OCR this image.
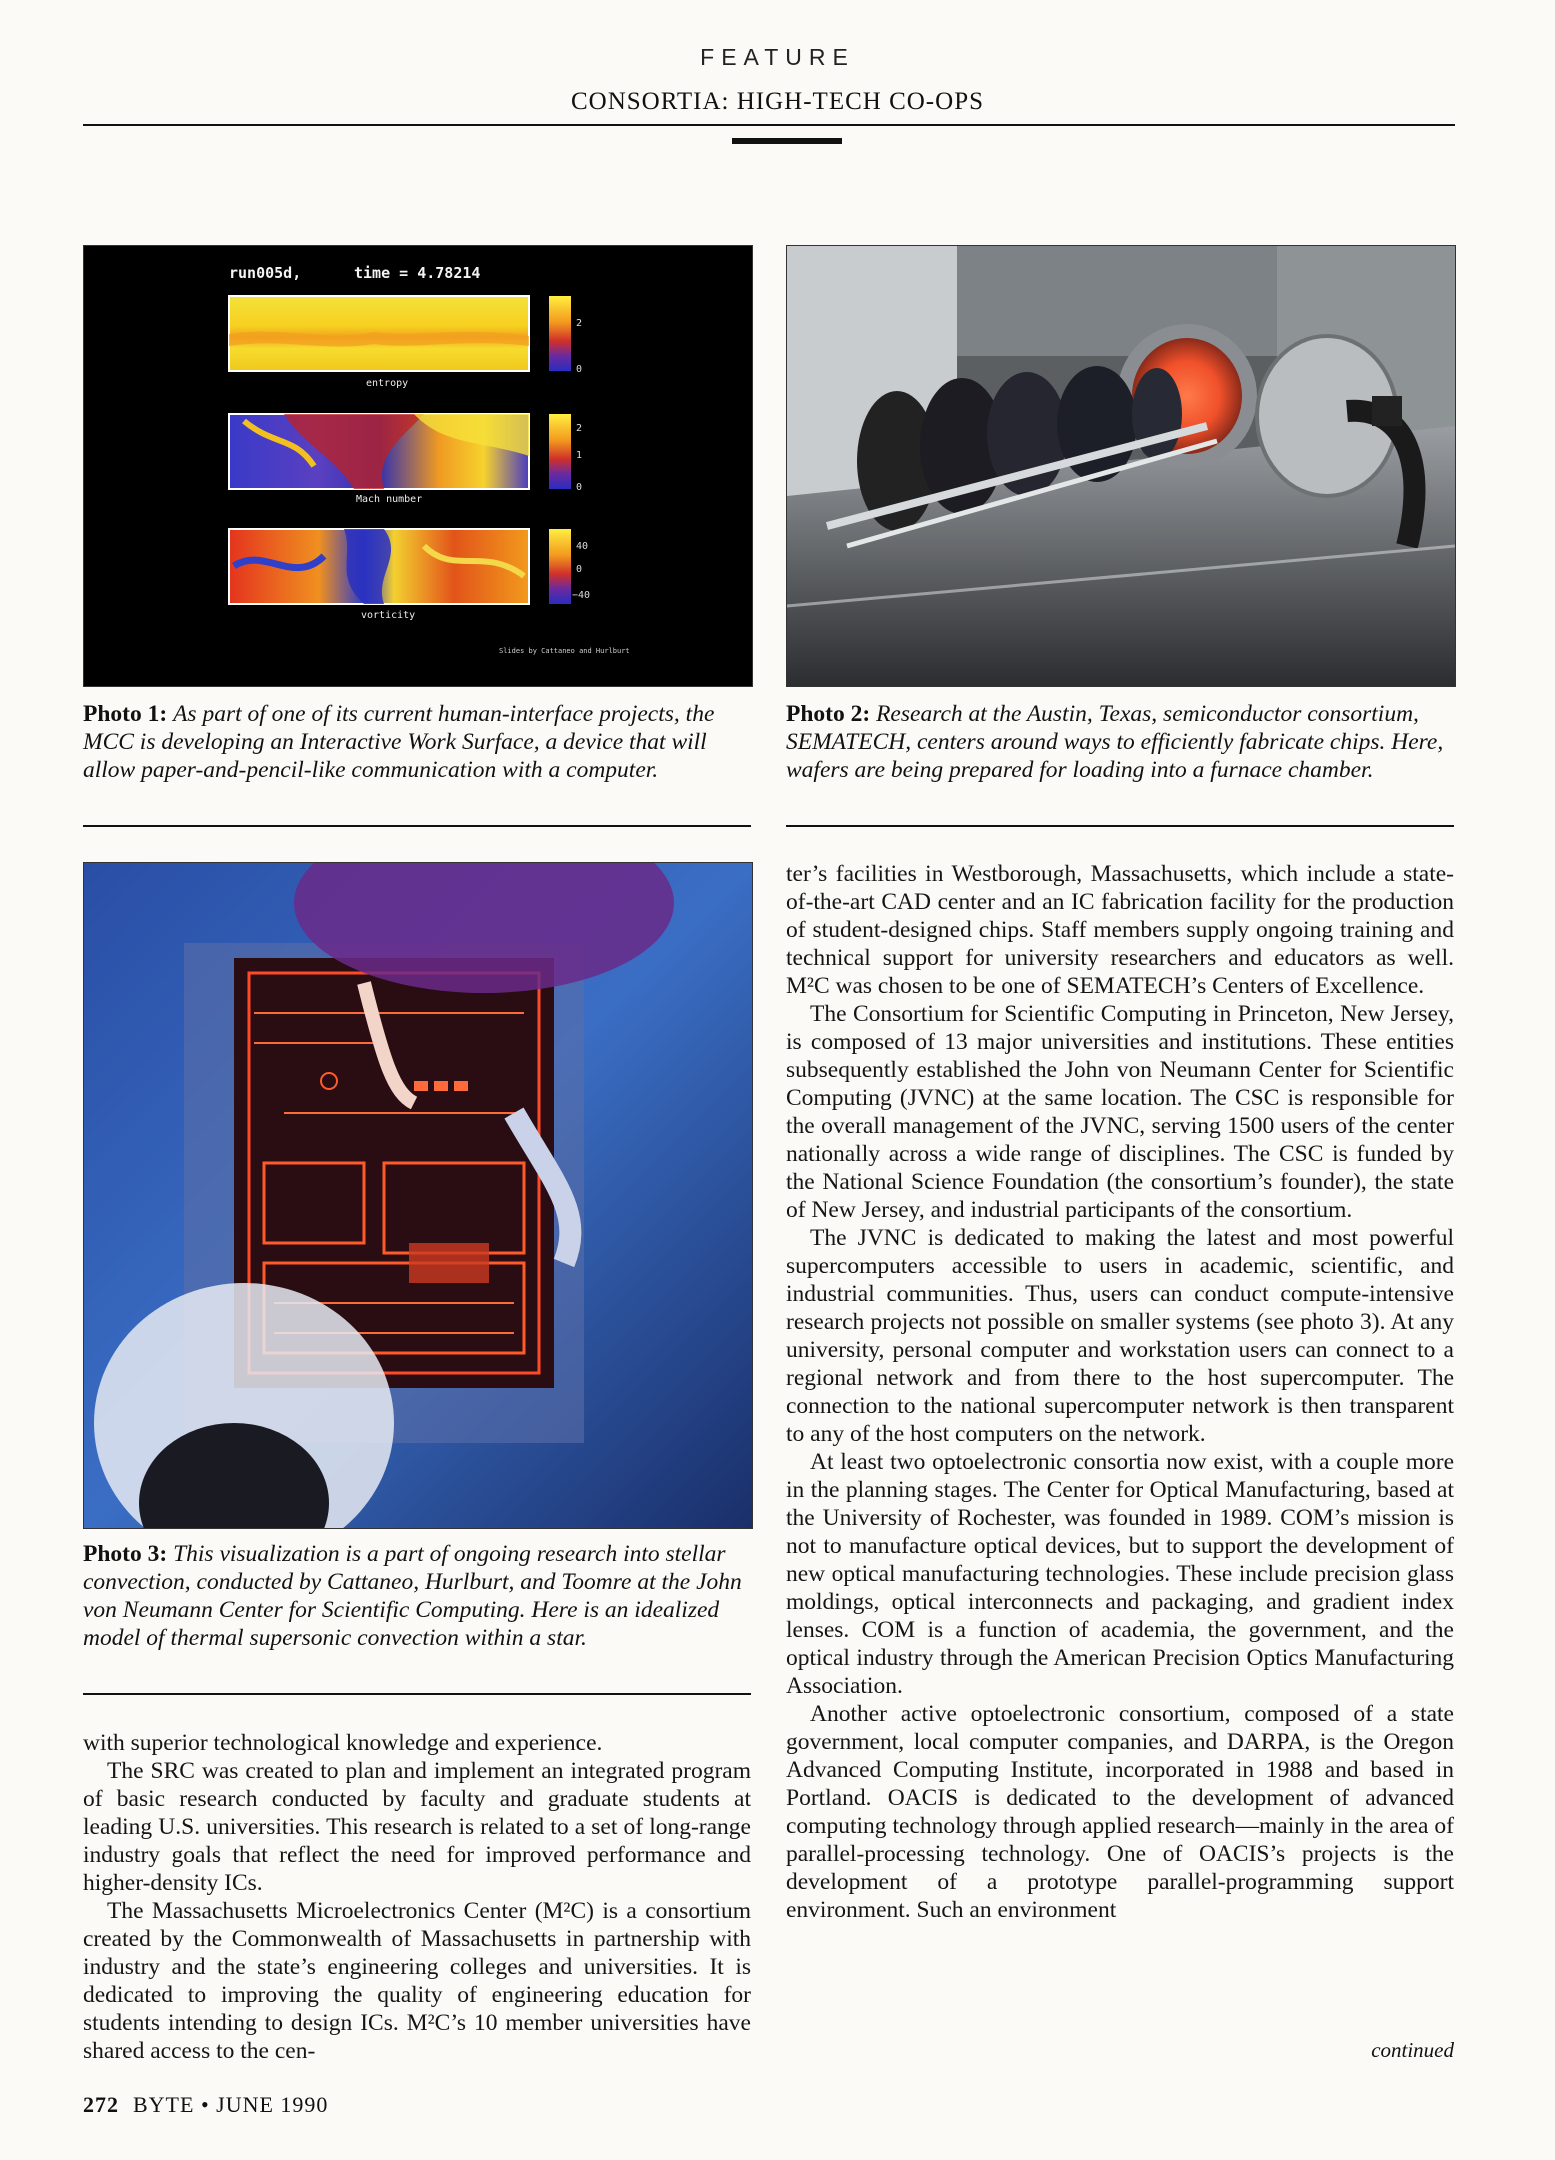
FEATURE
CONSORTIA: HIGH-TECH CO-OPS
run005d,	time = 4.78214
2
0
entropy
2
1
0
Mach number
40
0
−40
vorticity
Slides by Cattaneo and Hurlburt
Photo 1: As part of one of its current human-interface projects, the MCC is developing an Interactive Work Surface, a device that will allow paper-and-pencil-like communication with a computer.
Photo 2: Research at the Austin, Texas, semiconductor consortium, SEMATECH, centers around ways to efficiently fabricate chips. Here, wafers are being prepared for loading into a furnace chamber.
Photo 3: This visualization is a part of ongoing research into stellar convection, conducted by Cattaneo, Hurlburt, and Toomre at the John von Neumann Center for Scientific Computing. Here is an idealized model of thermal supersonic convection within a star.

with superior technological knowledge and experience.

The SRC was created to plan and implement an integrated program of basic research conducted by faculty and graduate students at leading U.S. universities. This research is related to a set of long-range industry goals that reflect the need for improved performance and higher-density ICs.

The Massachusetts Microelectronics Center (M²C) is a consortium created by the Commonwealth of Massachusetts in partnership with industry and the state’s engineering colleges and universities. It is dedicated to improving the quality of engineering education for students intending to design ICs. M²C’s 10 member universities have shared access to the cen-

ter’s facilities in Westborough, Massachusetts, which include a state-of-the-art CAD center and an IC fabrication facility for the production of student-designed chips. Staff members supply ongoing training and technical support for university researchers and educators as well. M²C was chosen to be one of SEMATECH’s Centers of Excellence.

The Consortium for Scientific Computing in Princeton, New Jersey, is composed of 13 major universities and institutions. These entities subsequently established the John von Neumann Center for Scientific Computing (JVNC) at the same location. The CSC is responsible for the overall management of the JVNC, serving 1500 users of the center nationally across a wide range of disciplines. The CSC is funded by the National Science Foundation (the consortium’s founder), the state of New Jersey, and industrial participants of the consortium.

The JVNC is dedicated to making the latest and most powerful supercomputers accessible to users in academic, scientific, and industrial communities. Thus, users can conduct compute-intensive research projects not possible on smaller systems (see photo 3). At any university, personal computer and workstation users can connect to a regional network and from there to the host supercomputer. The connection to the national supercomputer network is then transparent to any of the host computers on the network.

At least two optoelectronic consortia now exist, with a couple more in the planning stages. The Center for Optical Manufacturing, based at the University of Rochester, was founded in 1989. COM’s mission is not to manufacture optical devices, but to support the development of new optical manufacturing technologies. These include precision glass moldings, optical interconnects and packaging, and gradient index lenses. COM is a function of academia, the government, and the optical industry through the American Precision Optics Manufacturing Association.

Another active optoelectronic consortium, composed of a state government, local computer companies, and DARPA, is the Oregon Advanced Computing Institute, incorporated in 1988 and based in Portland. OACIS is dedicated to the development of advanced computing technology through applied research—mainly in the area of parallel-processing technology. One of OACIS’s projects is the development of a prototype parallel-programming support environment. Such an environment

continued
272 BYTE • JUNE 1990
